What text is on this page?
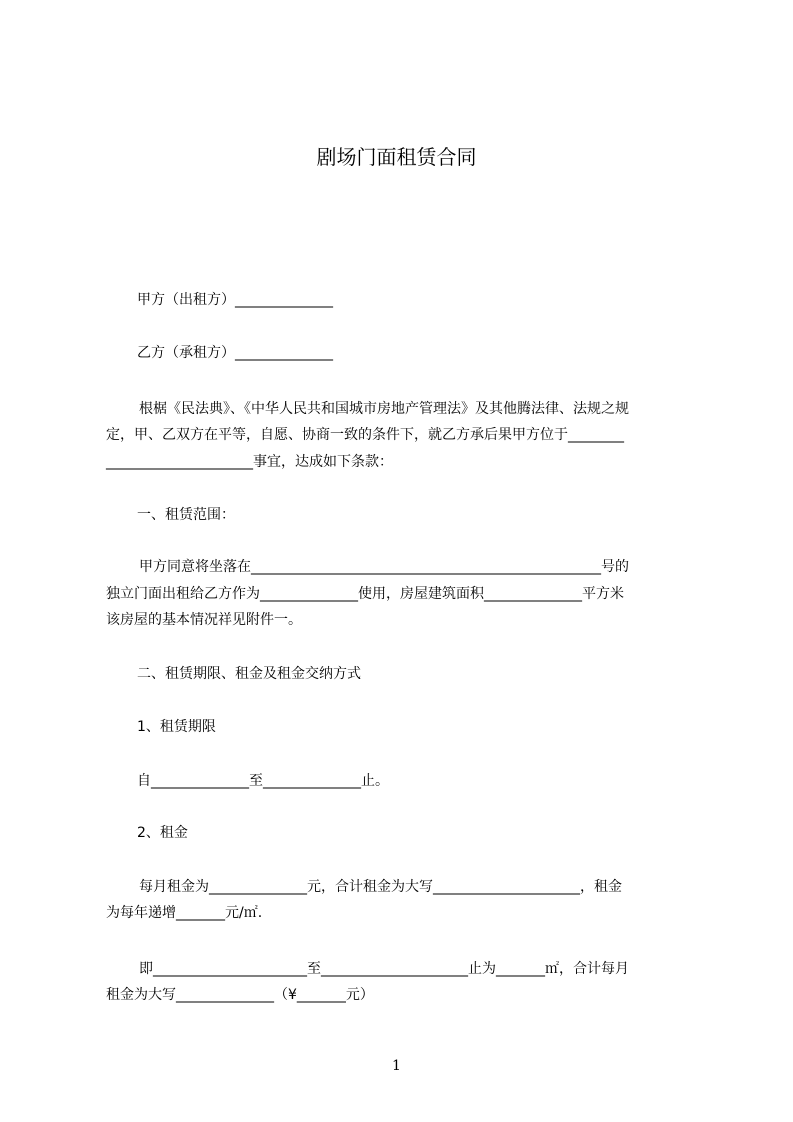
剧场门面租赁合同

甲方（出租方）______________

乙方（承租方）______________

根椐《民法典》、《中华人民共和国城市房地产管理法》及其他腾法律、法规之规

定，甲、乙双方在平等，自愿、协商一致的条件下，就乙方承后果甲方位于________

_____________________事宜，达成如下条款：

一、租赁范围：

甲方同意将坐落在__________________________________________________号的

独立门面出租给乙方作为______________使用，房屋建筑面积______________平方米

该房屋的基本情况祥见附件一。

二、租赁期限、租金及租金交纳方式

1、租赁期限

自______________至______________止。

2、租金

每月租金为______________元，合计租金为大写_____________________，租金

为每年递增_______元/㎡.

即______________________至_____________________止为_______㎡，合计每月

租金为大写______________（¥_______元）

1
